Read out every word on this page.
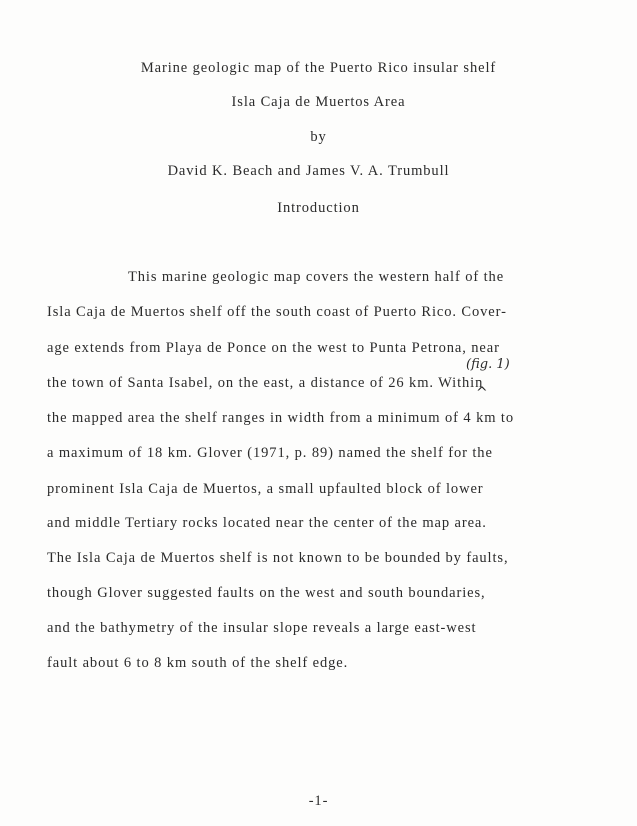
Marine geologic map of the Puerto Rico insular shelf
Isla Caja de Muertos Area
by
David K. Beach and James V. A. Trumbull
Introduction
This marine geologic map covers the western half of the
Isla Caja de Muertos shelf off the south coast of Puerto Rico. Cover-
age extends from Playa de Ponce on the west to Punta Petrona, near
(fig. 1)
^
the town of Santa Isabel, on the east, a distance of 26 km. Within
the mapped area the shelf ranges in width from a minimum of 4 km to
a maximum of 18 km. Glover (1971, p. 89) named the shelf for the
prominent Isla Caja de Muertos, a small upfaulted block of lower
and middle Tertiary rocks located near the center of the map area.
The Isla Caja de Muertos shelf is not known to be bounded by faults,
though Glover suggested faults on the west and south boundaries,
and the bathymetry of the insular slope reveals a large east-west
fault about 6 to 8 km south of the shelf edge.
-1-
